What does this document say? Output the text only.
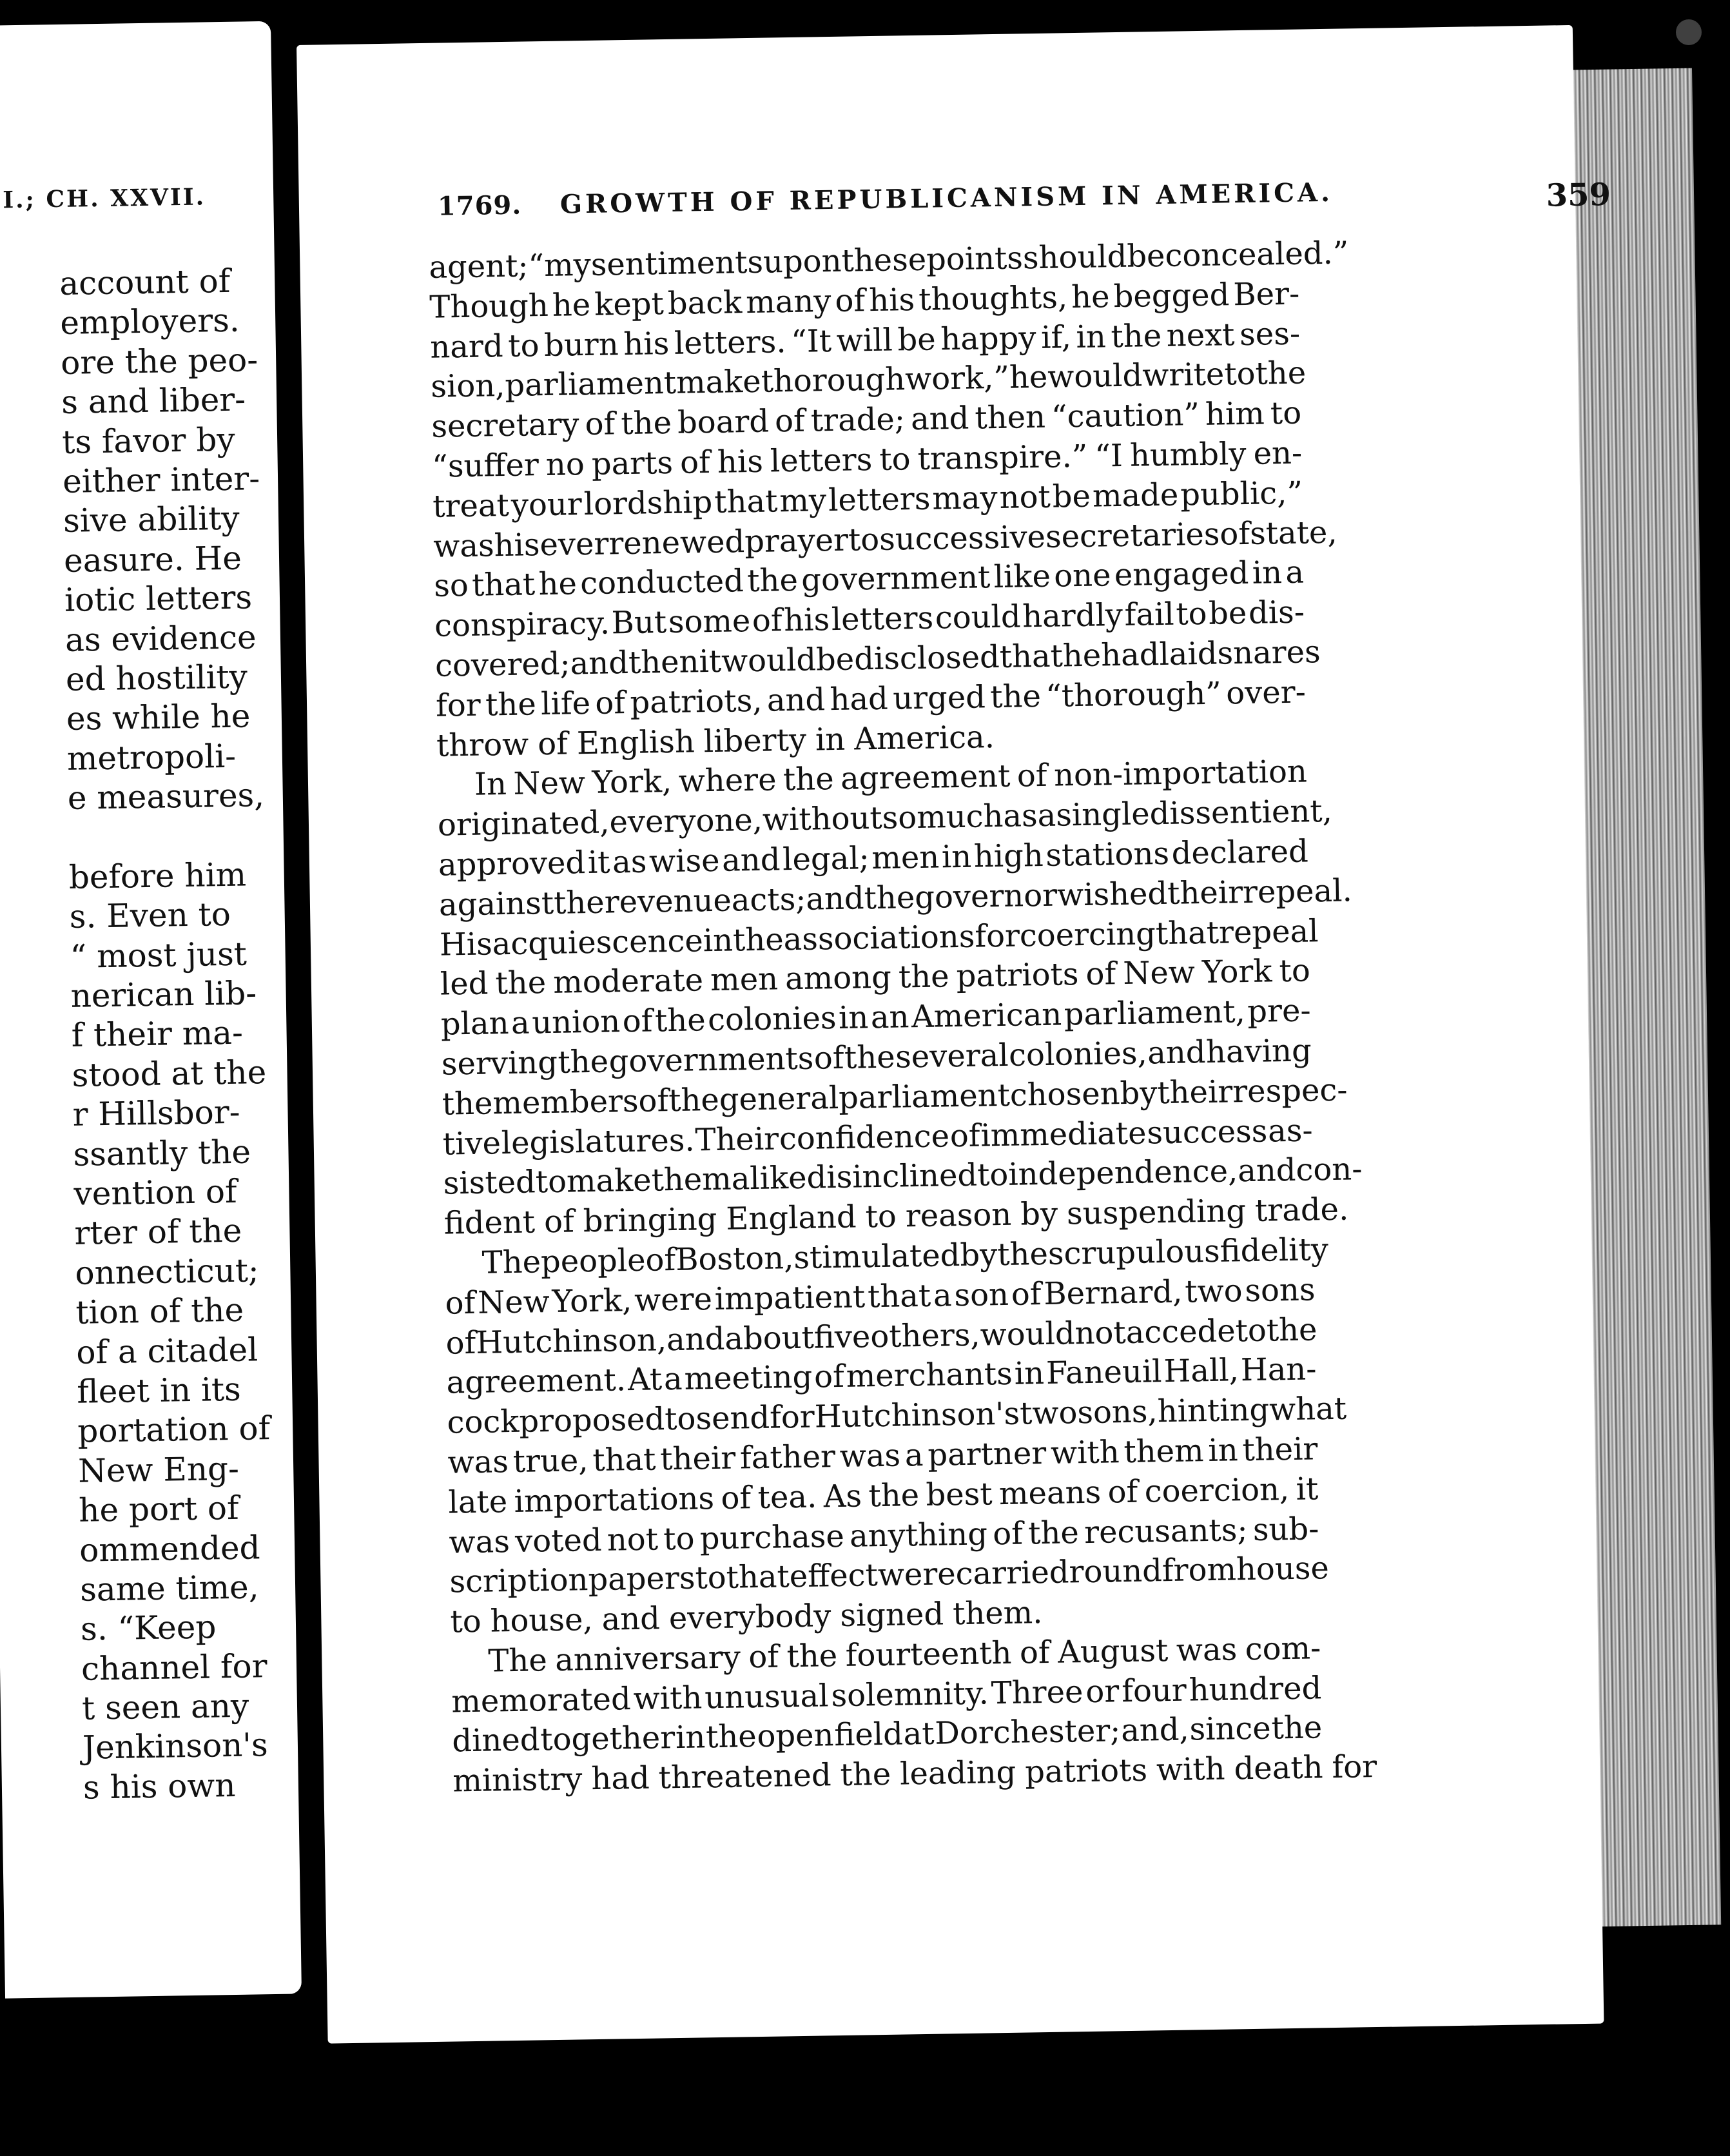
I.; CH. XXVII.
account of
employers.
ore the peo-
s and liber-
ts favor by
either inter-
sive ability
easure. He
iotic letters
as evidence
ed hostility
es while he
metropoli-
e measures,
before him
s. Even to
“ most just
nerican lib-
f their ma-
stood at the
r Hillsbor-
ssantly the
vention of
rter of the
onnecticut;
tion of the
of a citadel
fleet in its
portation of
New Eng-
he port of
ommended
same time,
s. “Keep
channel for
t seen any
Jenkinson's
s his own
1769. GROWTH OF REPUBLICANISM IN AMERICA.	359
agent; “my sentiments upon these points should be concealed.”
Though he kept back many of his thoughts, he begged Ber-
nard to burn his letters. “It will be happy if, in the next ses-
sion, parliament make thorough work,” he would write to the
secretary of the board of trade; and then “caution” him to
“suffer no parts of his letters to transpire.” “I humbly en-
treat your lordship that my letters may not be made public,”
was his ever renewed prayer to successive secretaries of state,
so that he conducted the government like one engaged in a
conspiracy. But some of his letters could hardly fail to be dis-
covered; and then it would be disclosed that he had laid snares
for the life of patriots, and had urged the “thorough” over-
throw of English liberty in America.
In New York, where the agreement of non-importation
originated, every one, without so much as a single dissentient,
approved it as wise and legal; men in high stations declared
against the revenue acts; and the governor wished their repeal.
His acquiescence in the associations for coercing that repeal
led the moderate men among the patriots of New York to
plan a union of the colonies in an American parliament, pre-
serving the governments of the several colonies, and having
the members of the general parliament chosen by their respec-
tive legislatures. Their confidence of immediate success as-
sisted to make them alike disinclined to independence, and con-
fident of bringing England to reason by suspending trade.
The people of Boston, stimulated by the scrupulous fidelity
of New York, were impatient that a son of Bernard, two sons
of Hutchinson, and about five others, would not accede to the
agreement. At a meeting of merchants in Faneuil Hall, Han-
cock proposed to send for Hutchinson's two sons, hinting what
was true, that their father was a partner with them in their
late importations of tea. As the best means of coercion, it
was voted not to purchase anything of the recusants; sub-
scription papers to that effect were carried round from house
to house, and everybody signed them.
The anniversary of the fourteenth of August was com-
memorated with unusual solemnity. Three or four hundred
dined together in the open field at Dorchester; and, since the
ministry had threatened the leading patriots with death for
